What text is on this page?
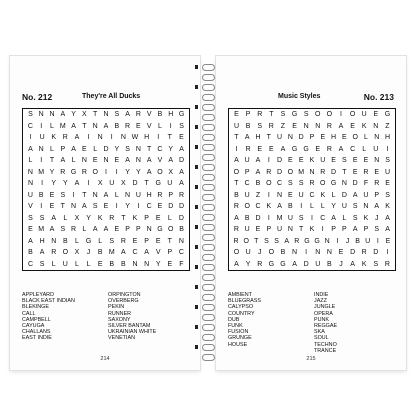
No. 212	They're All Ducks
S N N A Y X T N S A R V B H G
C	I	L M A T N A B R E V L	I	S
I	U K R A	I	N	I	N W H	I	T	E
A N L P A E L D Y S N T C Y A
L	I	T A L N E N E A N A V A D
N M Y R G R O	I	I	Y Y A O X A
N	I	Y Y A	I	X U X D T G U A
U B E S	I	T N A L N U H R P R
V	I	E T N A S E	I	Y	I	C E D D
S S A	L	X Y K R T	K P E	L	D
E M A S R L A A E P P N G O B
A H N B	L G L	S R E P E	T N
B A R O X	J	B M A C A V P C
C S	L	U	L	L	E B B N N Y E	F
APPLEYARD
BLACK EAST INDIAN
BLEKINGE
CALL
CAMPBELL
CAYUGA
CHALLANS
EAST INDIE
ORPINGTON
OVERBERG
PEKIN
RUNNER
SAXONY
SILVER BANTAM
UKRAINIAN WHITE
VENETIAN
214
Music Styles	No. 213
E P R T	S G S O O	I	O U E G
U B S R Z	E N N R A E K N Z
T A H T U N D P E H E O L N H
I	R E E A G G E R A C	L	U	I
A U A	I	D E E K U E S E E N S
O P A R D O M N R D T E R E U
T C B O C S S R O G N D F R E
B U Z	I	N E U C K L D A U P S
R O C K A B	I	L L Y U S N A K
A B D	I M U S	I	C A L S K J A
R U E P U N T K	I	P P A P S A
R O T S S A R G G N I	J B U I E
O U	J	O B N	I	N N E D R D	I
A Y R G G A D U B	J	A K S R
AMBIENT
BLUEGRASS
CALYPSO
COUNTRY
DUB
FUNK
FUSION
GRUNGE
HOUSE
INDIE
JAZZ
JUNGLE
OPERA
PUNK
REGGAE
SKA
SOUL
TECHNO
TRANCE
215
